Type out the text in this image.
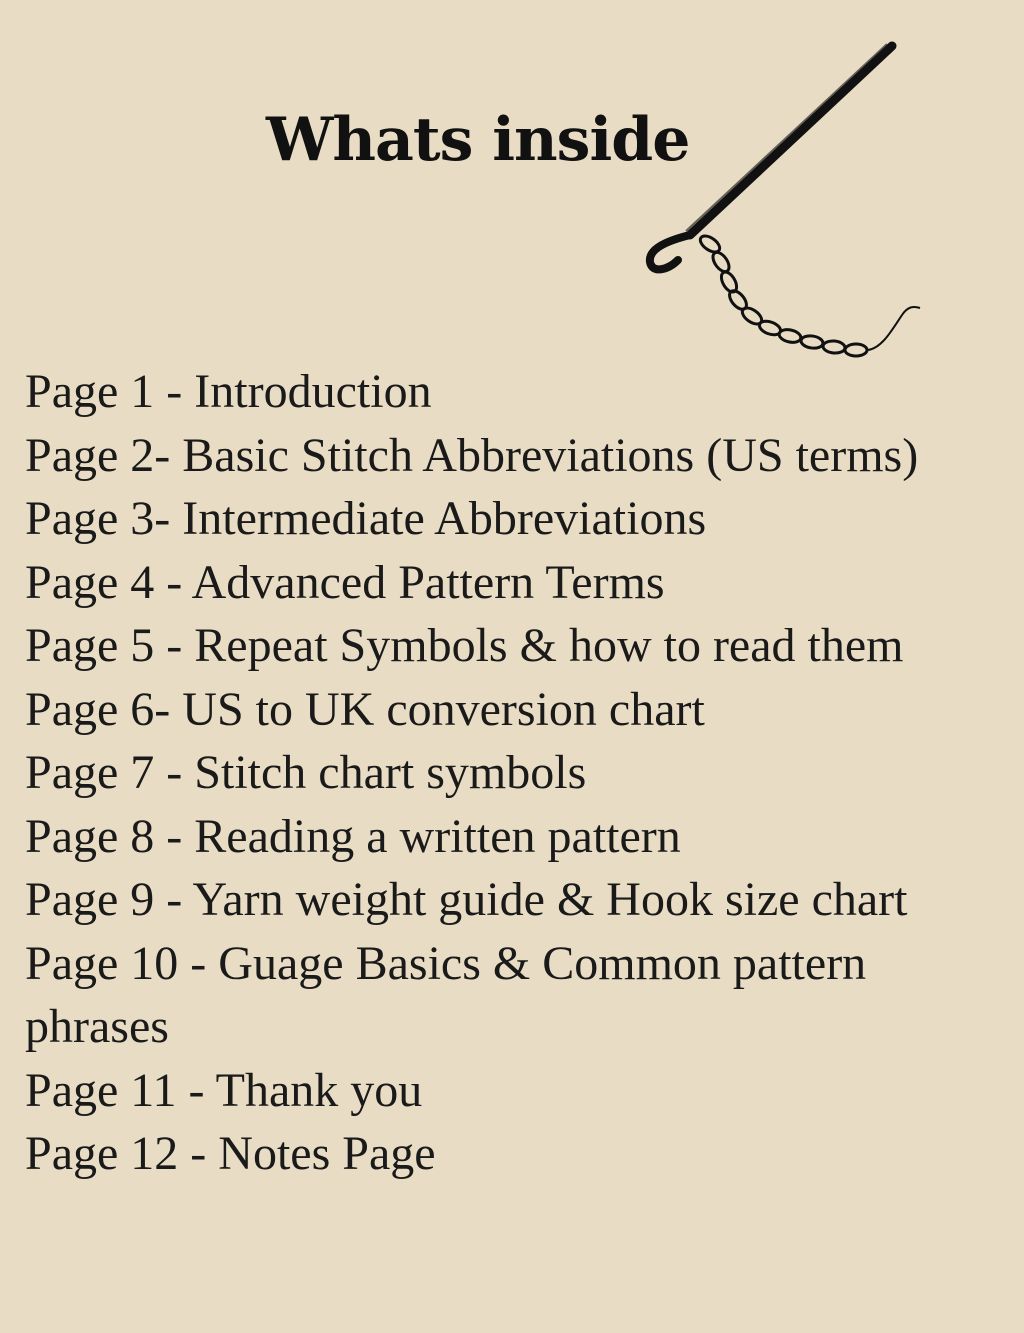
Whats inside
Page 1 - Introduction
Page 2- Basic Stitch Abbreviations (US terms)
Page 3- Intermediate Abbreviations
Page 4 - Advanced Pattern Terms
Page 5 - Repeat Symbols & how to read them
Page 6- US to UK conversion chart
Page 7 - Stitch chart symbols
Page 8 - Reading a written pattern
Page 9 - Yarn weight guide & Hook size chart
Page 10 - Guage Basics & Common pattern phrases
Page 11 - Thank you
Page 12 - Notes Page
